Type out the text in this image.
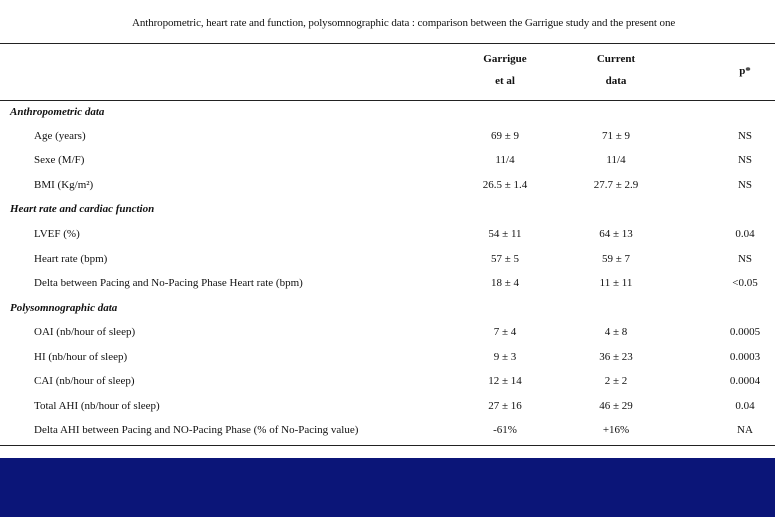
Anthropometric, heart rate and function, polysomnographic data : comparison between the Garrigue study and the present one
Garrigue
et al
Current
data
p*
Anthropometric data
Age (years)	69 ± 9	71 ± 9	NS
Sexe (M/F)	11/4	11/4	NS
BMI (Kg/m²)	26.5 ± 1.4	27.7 ± 2.9	NS
Heart rate and cardiac function
LVEF (%)	54 ± 11	64 ± 13	0.04
Heart rate (bpm)	57 ± 5	59 ± 7	NS
Delta between Pacing and No-Pacing Phase Heart rate (bpm)	18 ± 4	11 ± 11	<0.05
Polysomnographic data
OAI (nb/hour of sleep)	7 ± 4	4 ± 8	0.0005
HI (nb/hour of sleep)	9 ± 3	36 ± 23	0.0003
CAI (nb/hour of sleep)	12 ± 14	2 ± 2	0.0004
Total AHI (nb/hour of sleep)	27 ± 16	46 ± 29	0.04
Delta AHI between Pacing and NO-Pacing Phase (% of No-Pacing value)	-61%	+16%	NA
